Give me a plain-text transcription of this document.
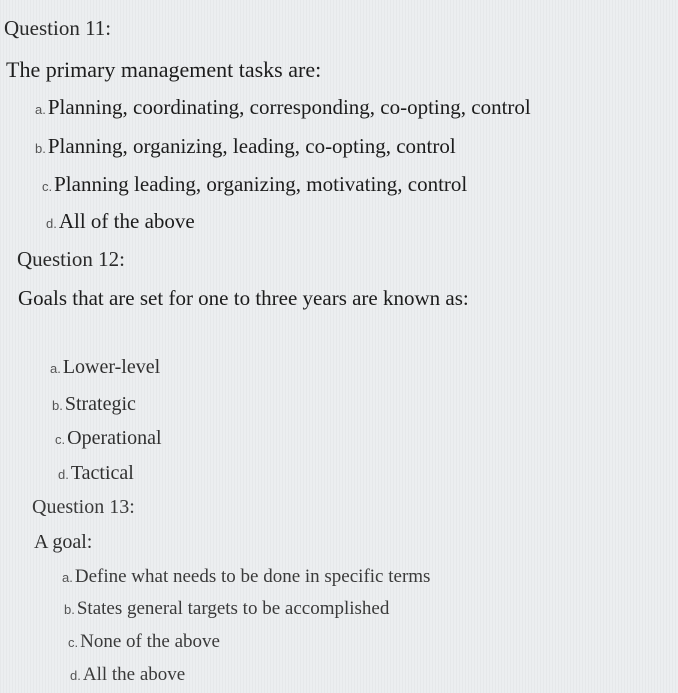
Question 11:
The primary management tasks are:
a.Planning, coordinating, corresponding, co-opting, control
b.Planning, organizing, leading, co-opting, control
c.Planning leading, organizing, motivating, control
d.All of the above
Question 12:
Goals that are set for one to three years are known as:
a. Lower-level
b. Strategic
c. Operational
d. Tactical
Question 13:
A goal:
a. Define what needs to be done in specific terms
b. States general targets to be accomplished
c. None of the above
d. All the above
